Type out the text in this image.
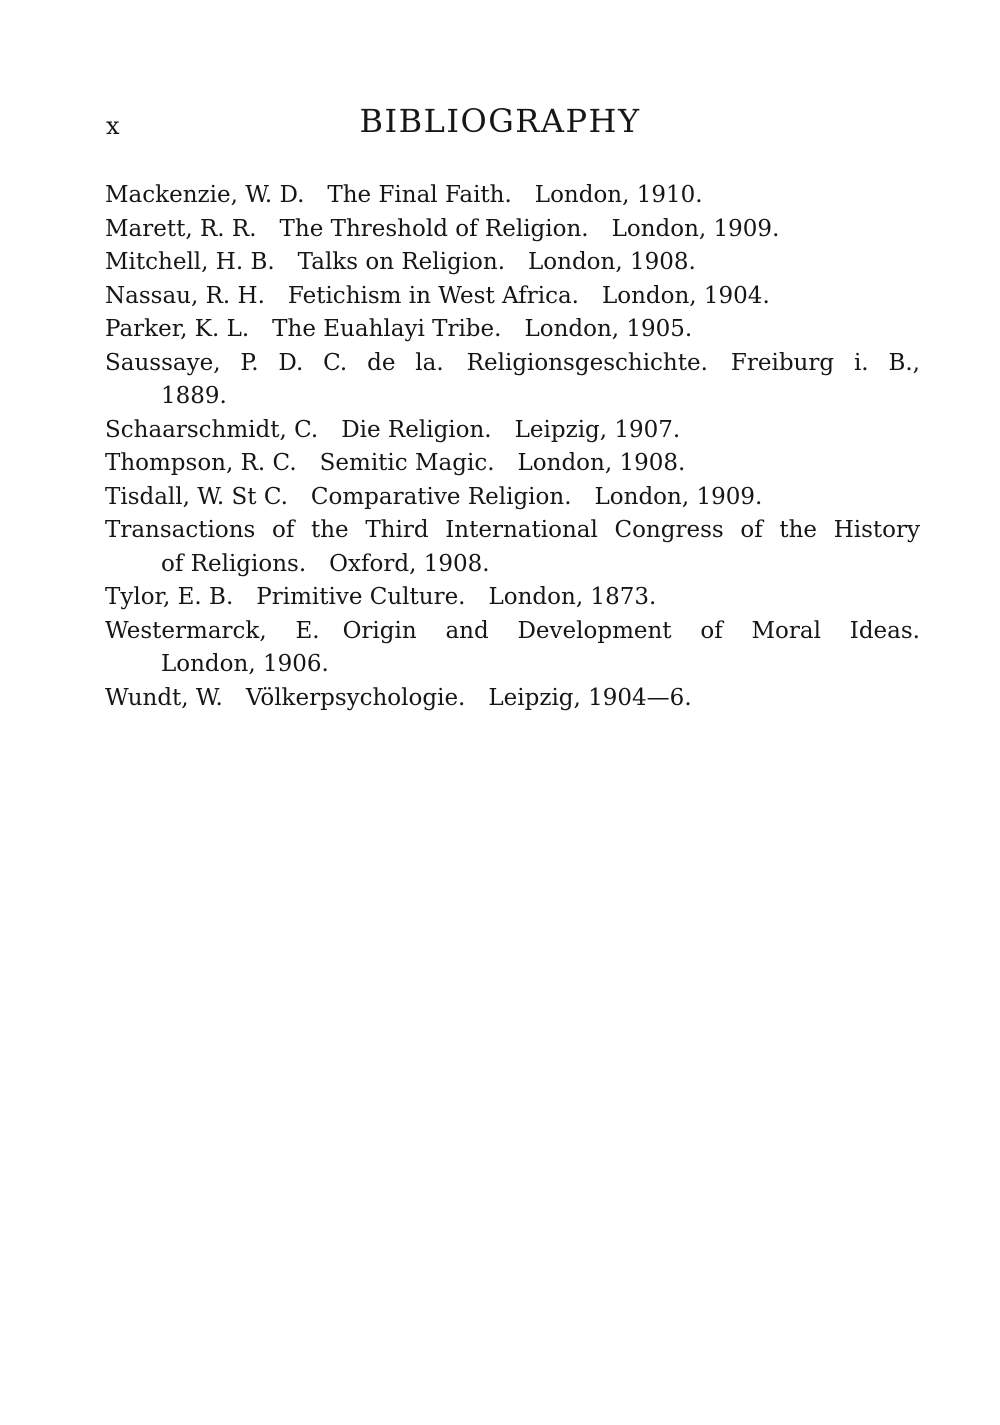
x	BIBLIOGRAPHY

Mackenzie, W. D. The Final Faith. London, 1910.

Marett, R. R. The Threshold of Religion. London, 1909.

Mitchell, H. B. Talks on Religion. London, 1908.

Nassau, R. H. Fetichism in West Africa. London, 1904.

Parker, K. L. The Euahlayi Tribe. London, 1905.

Saussaye, P. D. C. de la. Religionsgeschichte. Freiburg i. B.,

1889.

Schaarschmidt, C. Die Religion. Leipzig, 1907.

Thompson, R. C. Semitic Magic. London, 1908.

Tisdall, W. St C. Comparative Religion. London, 1909.

Transactions of the Third International Congress of the History

of Religions. Oxford, 1908.

Tylor, E. B. Primitive Culture. London, 1873.

Westermarck, E. Origin and Development of Moral Ideas.

London, 1906.

Wundt, W. Völkerpsychologie. Leipzig, 1904—6.
